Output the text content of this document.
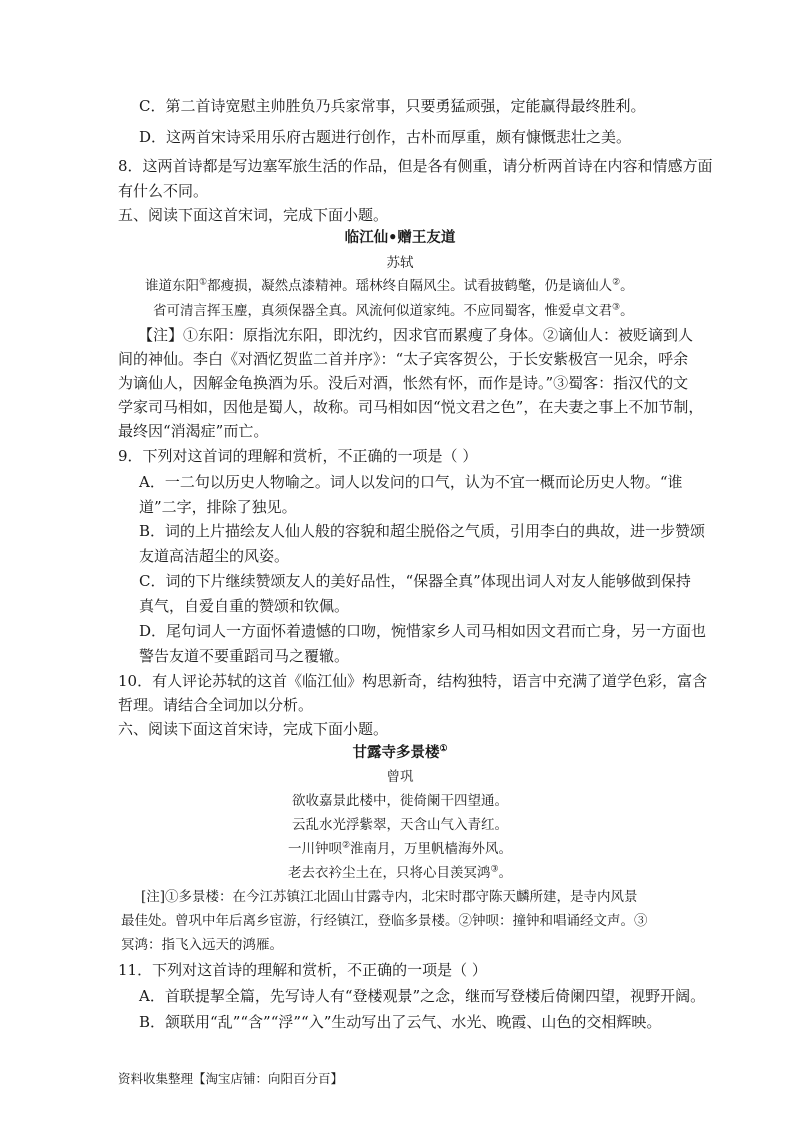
C．第二首诗宽慰主帅胜负乃兵家常事，只要勇猛顽强，定能赢得最终胜利。
D．这两首宋诗采用乐府古题进行创作，古朴而厚重，颇有慷慨悲壮之美。
8．这两首诗都是写边塞军旅生活的作品，但是各有侧重，请分析两首诗在内容和情感方面
有什么不同。
五、阅读下面这首宋词，完成下面小题。
临江仙•赠王友道
苏轼
谁道东阳①都瘦损，凝然点漆精神。瑶林终自隔风尘。试看披鹤氅，仍是谪仙人②。
省可清言挥玉麈，真须保器全真。风流何似道家纯。不应同蜀客，惟爱卓文君③。
【注】①东阳：原指沈东阳，即沈约，因求官而累瘦了身体。②谪仙人：被贬谪到人
间的神仙。李白《对酒忆贺监二首并序》：“太子宾客贺公，于长安紫极宫一见余，呼余
为谪仙人，因解金龟换酒为乐。没后对酒，怅然有怀，而作是诗。”③蜀客：指汉代的文
学家司马相如，因他是蜀人，故称。司马相如因“悦文君之色”，在夫妻之事上不加节制，
最终因“消渴症”而亡。
9．下列对这首词的理解和赏析，不正确的一项是（ ）
A．一二句以历史人物喻之。词人以发问的口气，认为不宜一概而论历史人物。“谁
道”二字，排除了独见。
B．词的上片描绘友人仙人般的容貌和超尘脱俗之气质，引用李白的典故，进一步赞颂
友道高洁超尘的风姿。
C．词的下片继续赞颂友人的美好品性，“保器全真”体现出词人对友人能够做到保持
真气，自爱自重的赞颂和钦佩。
D．尾句词人一方面怀着遗憾的口吻，惋惜家乡人司马相如因文君而亡身，另一方面也
警告友道不要重蹈司马之覆辙。
10．有人评论苏轼的这首《临江仙》构思新奇，结构独特，语言中充满了道学色彩，富含
哲理。请结合全词加以分析。
六、阅读下面这首宋诗，完成下面小题。
甘露寺多景楼①
曾巩
欲收嘉景此楼中，徙倚阑干四望通。
云乱水光浮紫翠，天含山气入青红。
一川钟呗②淮南月，万里帆樯海外风。
老去衣衿尘土在，只将心目羡冥鸿③。
[注]①多景楼：在今江苏镇江北固山甘露寺内，北宋时郡守陈天麟所建，是寺内风景
最佳处。曾巩中年后离乡宦游，行经镇江，登临多景楼。②钟呗：撞钟和唱诵经文声。③
冥鸿：指飞入远天的鸿雁。
11．下列对这首诗的理解和赏析，不正确的一项是（ ）
A．首联提挈全篇，先写诗人有“登楼观景”之念，继而写登楼后倚阑四望，视野开阔。
B．颔联用“乱”“含”“浮”“入”生动写出了云气、水光、晚霞、山色的交相辉映。
资料收集整理【淘宝店铺：向阳百分百】
